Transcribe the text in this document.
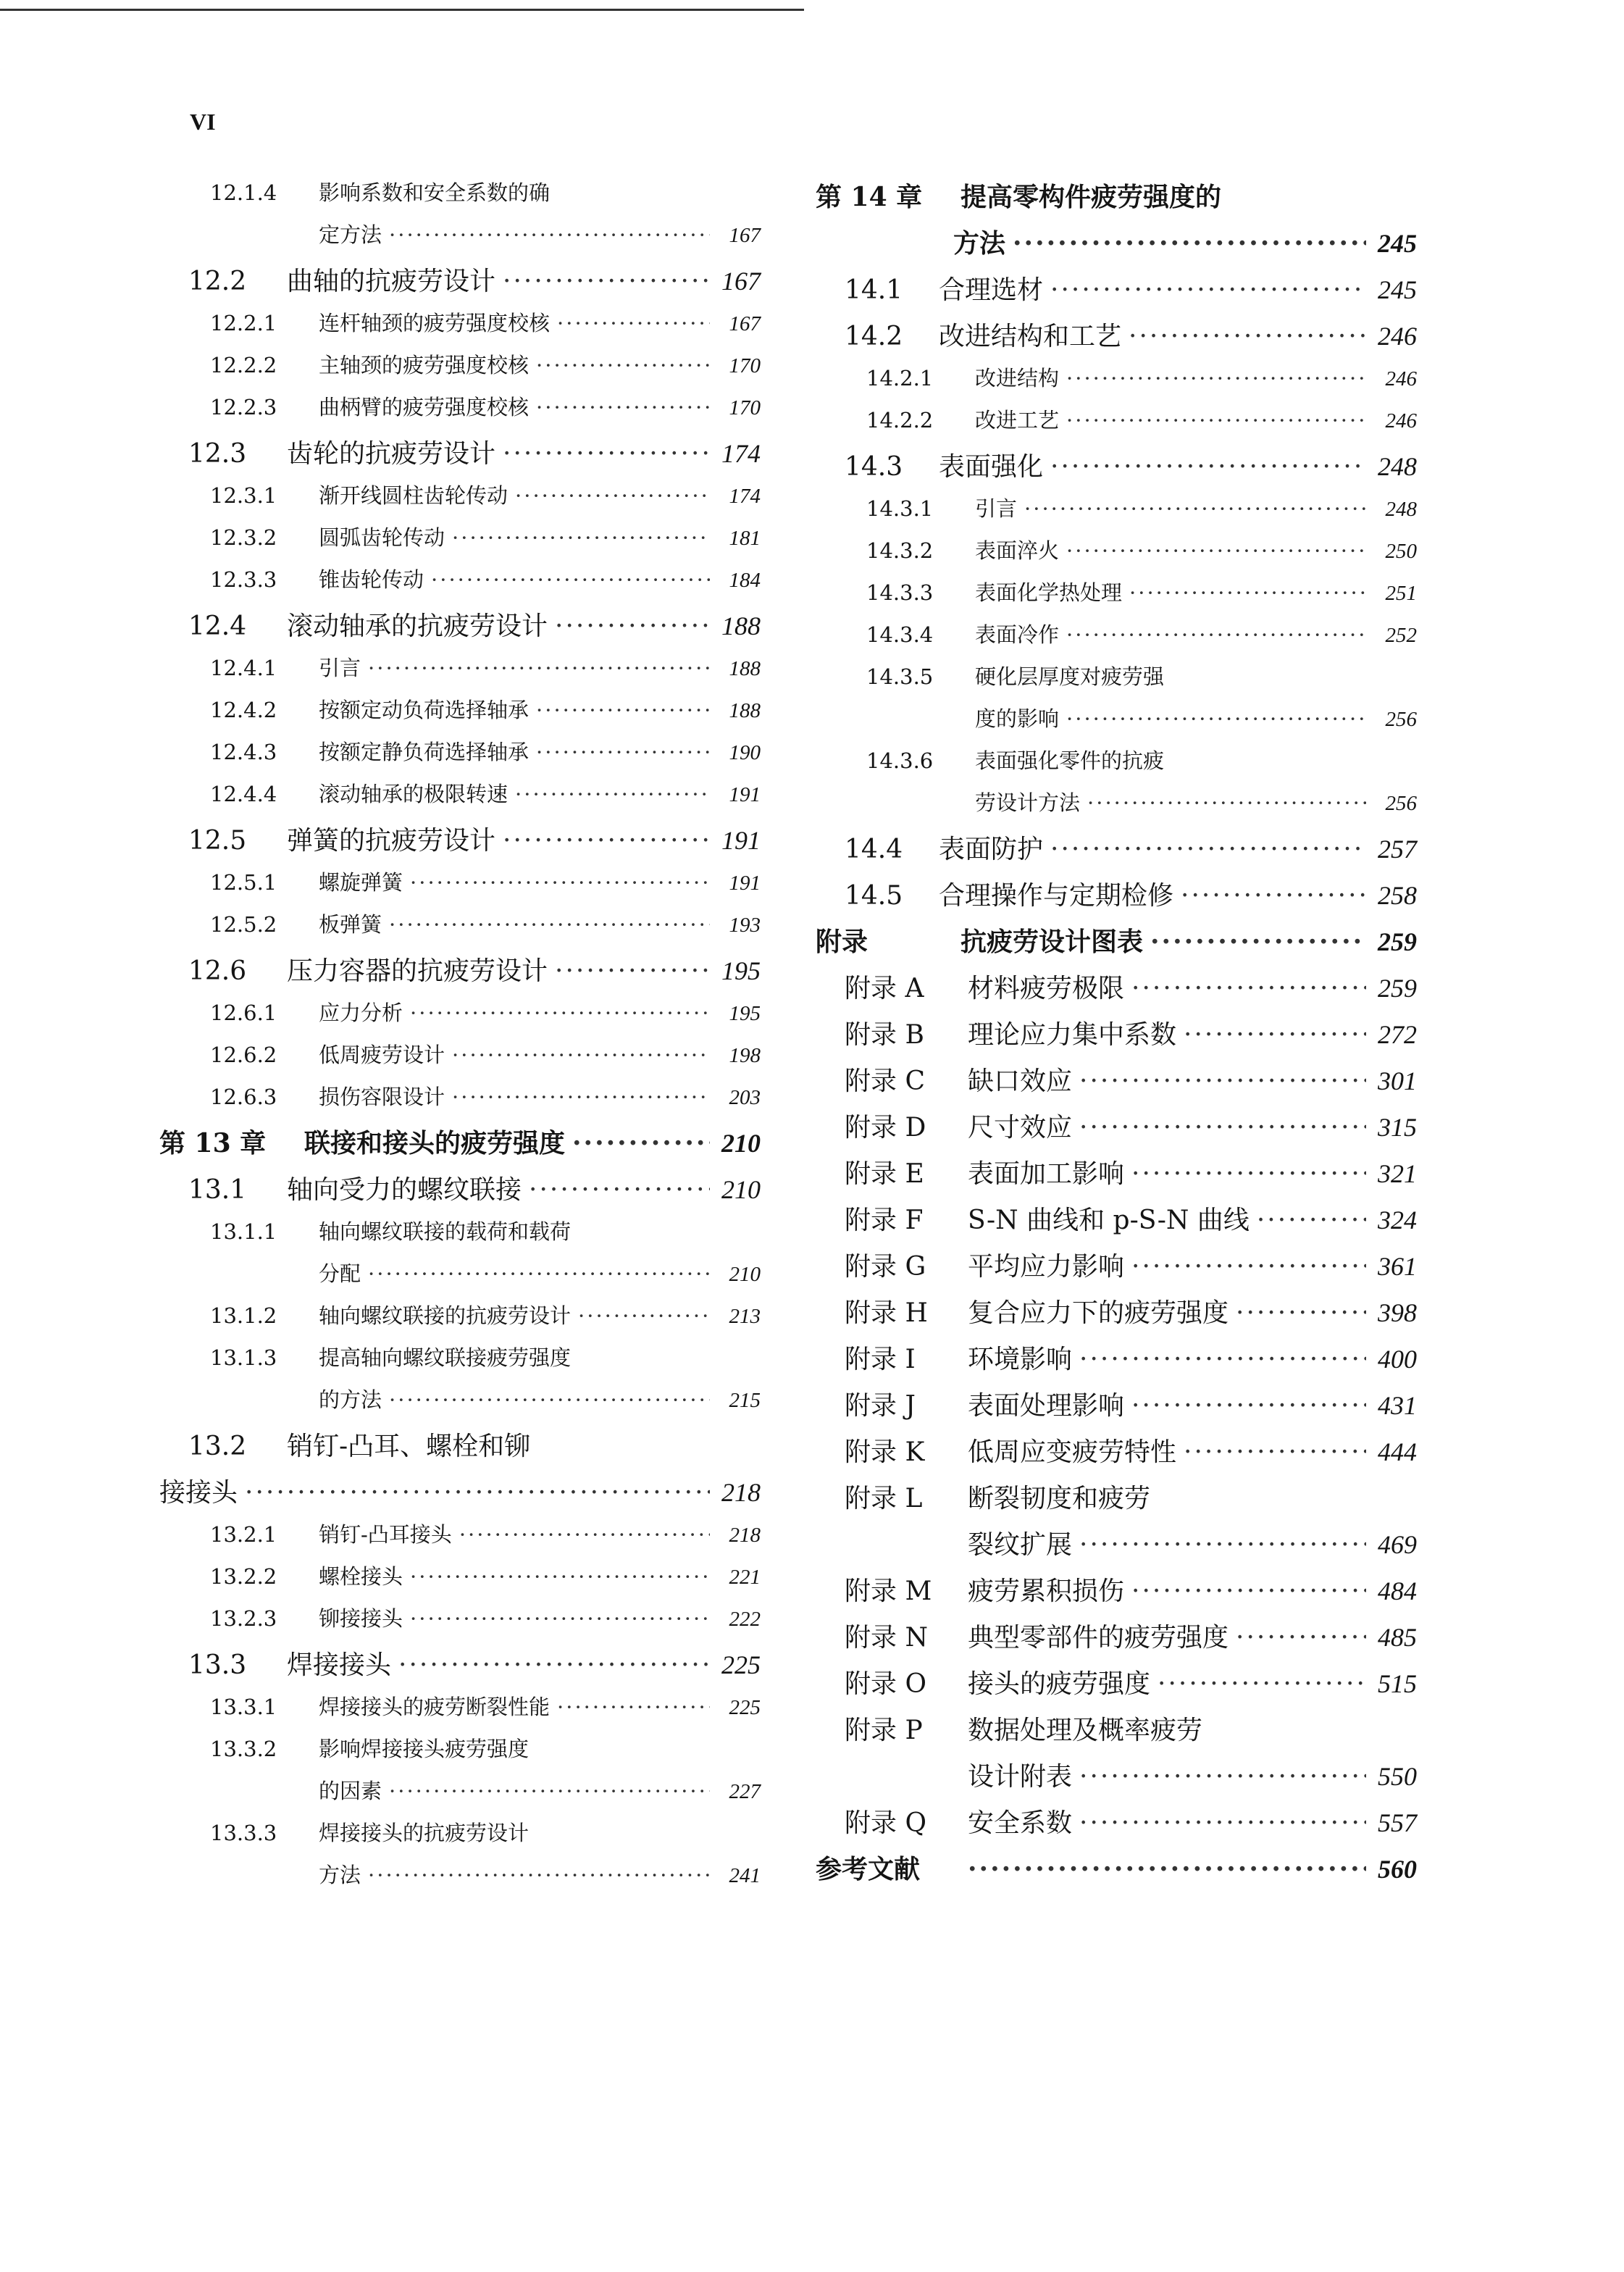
VI
12.1.4	影响系数和安全系数的确
定方法 ·····	167
12.2	曲轴的抗疲劳设计 ·····	167
12.2.1	连杆轴颈的疲劳强度校核 ·····	167
12.2.2	主轴颈的疲劳强度校核 ·····	170
12.2.3	曲柄臂的疲劳强度校核 ·····	170
12.3	齿轮的抗疲劳设计 ·····	174
12.3.1	渐开线圆柱齿轮传动 ·····	174
12.3.2	圆弧齿轮传动 ·····	181
12.3.3	锥齿轮传动 ·····	184
12.4	滚动轴承的抗疲劳设计 ·····	188
12.4.1	引言 ·····	188
12.4.2	按额定动负荷选择轴承 ·····	188
12.4.3	按额定静负荷选择轴承 ·····	190
12.4.4	滚动轴承的极限转速 ·····	191
12.5	弹簧的抗疲劳设计 ·····	191
12.5.1	螺旋弹簧 ·····	191
12.5.2	板弹簧 ·····	193
12.6	压力容器的抗疲劳设计 ·····	195
12.6.1	应力分析 ·····	195
12.6.2	低周疲劳设计 ·····	198
12.6.3	损伤容限设计 ·····	203
第 13 章	联接和接头的疲劳强度 ·····	210
13.1	轴向受力的螺纹联接 ·····	210
13.1.1	轴向螺纹联接的载荷和载荷
分配 ·····	210
13.1.2	轴向螺纹联接的抗疲劳设计 ·····	213
13.1.3	提高轴向螺纹联接疲劳强度
的方法 ·····	215
13.2	销钉-凸耳、螺栓和铆
接接头 ·····	218
13.2.1	销钉-凸耳接头 ·····	218
13.2.2	螺栓接头 ·····	221
13.2.3	铆接接头 ·····	222
13.3	焊接接头 ·····	225
13.3.1	焊接接头的疲劳断裂性能 ·····	225
13.3.2	影响焊接接头疲劳强度
的因素 ·····	227
13.3.3	焊接接头的抗疲劳设计
方法 ·····	241
第 14 章	提高零构件疲劳强度的
方法 ·····	245
14.1	合理选材 ·····	245
14.2	改进结构和工艺 ·····	246
14.2.1	改进结构 ·····	246
14.2.2	改进工艺 ·····	246
14.3	表面强化 ·····	248
14.3.1	引言 ·····	248
14.3.2	表面淬火 ·····	250
14.3.3	表面化学热处理 ·····	251
14.3.4	表面冷作 ·····	252
14.3.5	硬化层厚度对疲劳强
度的影响 ·····	256
14.3.6	表面强化零件的抗疲
劳设计方法 ·····	256
14.4	表面防护 ·····	257
14.5	合理操作与定期检修 ·····	258
附录	抗疲劳设计图表 ·····	259
附录 A	材料疲劳极限 ·····	259
附录 B	理论应力集中系数 ·····	272
附录 C	缺口效应 ·····	301
附录 D	尺寸效应 ·····	315
附录 E	表面加工影响 ·····	321
附录 F	S-N 曲线和 p-S-N 曲线 ·····	324
附录 G	平均应力影响 ·····	361
附录 H	复合应力下的疲劳强度 ·····	398
附录 I	环境影响 ·····	400
附录 J	表面处理影响 ·····	431
附录 K	低周应变疲劳特性 ·····	444
附录 L	断裂韧度和疲劳
裂纹扩展 ·····	469
附录 M	疲劳累积损伤 ·····	484
附录 N	典型零部件的疲劳强度 ·····	485
附录 O	接头的疲劳强度 ·····	515
附录 P	数据处理及概率疲劳
设计附表 ·····	550
附录 Q	安全系数 ·····	557
参考文献 ·····	560
